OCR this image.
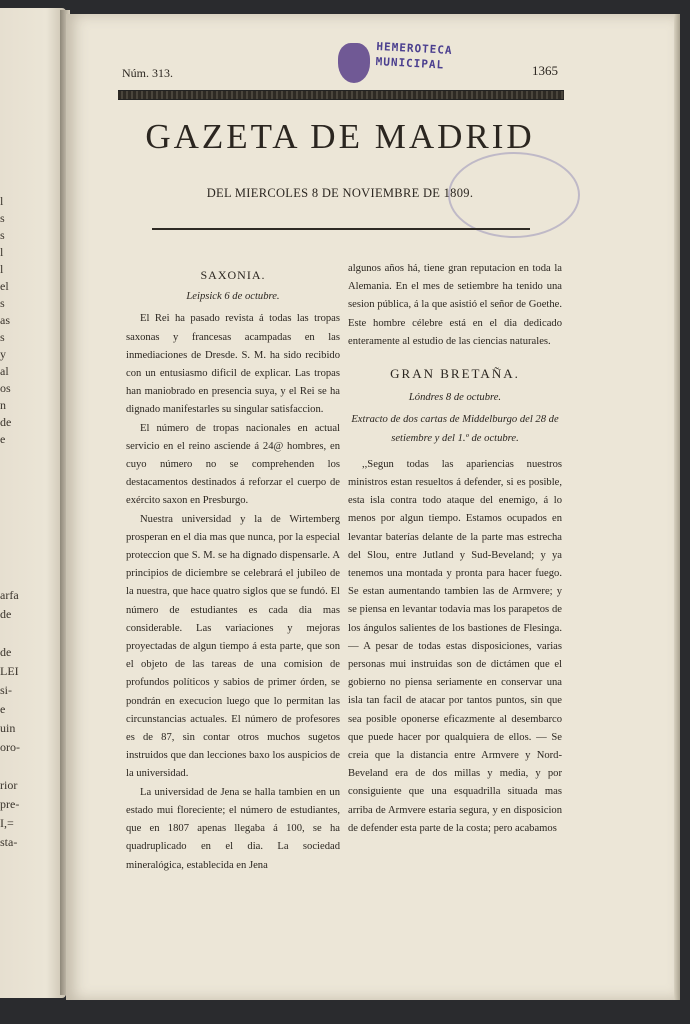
l
s
s
l
l
el
s
as
s
y
al
os
n
de
e
arfa
de
de
LEI
si-
e
uin
oro-
rior
pre-
I,=
sta-
Núm. 313.
HEMEROTECA
MUNICIPAL	1365
GAZETA DE MADRID
DEL MIERCOLES 8 DE NOVIEMBRE DE 1809.

SAXONIA.

Leipsick 6 de octubre.

El Rei ha pasado revista á todas las tropas saxonas y francesas acampadas en las inmediaciones de Dresde. S. M. ha sido recibido con un entusiasmo dificil de explicar. Las tropas han maniobrado en presencia suya, y el Rei se ha dignado manifestarles su singular satisfaccion.

El número de tropas nacionales en actual servicio en el reino asciende á 24@ hombres, en cuyo número no se comprehenden los destacamentos destinados á reforzar el cuerpo de exército saxon en Presburgo.

Nuestra universidad y la de Wirtemberg prosperan en el dia mas que nunca, por la especial proteccion que S. M. se ha dignado dispensarle. A principios de diciembre se celebrará el jubileo de la nuestra, que hace quatro siglos que se fundó. El número de estudiantes es cada dia mas considerable. Las variaciones y mejoras proyectadas de algun tiempo á esta parte, que son el objeto de las tareas de una comision de profundos políticos y sabios de primer órden, se pondrán en execucion luego que lo permitan las circunstancias actuales. El número de profesores es de 87, sin contar otros muchos sugetos instruidos que dan lecciones baxo los auspicios de la universidad.

La universidad de Jena se halla tambien en un estado mui floreciente; el número de estudiantes, que en 1807 apenas llegaba á 100, se ha quadruplicado en el dia. La sociedad mineralógica, establecida en Jena

algunos años há, tiene gran reputacion en toda la Alemania. En el mes de setiembre ha tenido una sesion pública, á la que asistió el señor de Goethe. Este hombre célebre está en el dia dedicado enteramente al estudio de las ciencias naturales.

GRAN BRETAÑA.

Lóndres 8 de octubre.

Extracto de dos cartas de Middelburgo del 28 de setiembre y del 1.º de octubre.

,,Segun todas las apariencias nuestros ministros estan resueltos á defender, si es posible, esta isla contra todo ataque del enemigo, á lo menos por algun tiempo. Estamos ocupados en levantar baterías delante de la parte mas estrecha del Slou, entre Jutland y Sud-Beveland; y ya tenemos una montada y pronta para hacer fuego. Se estan aumentando tambien las de Armvere; y se piensa en levantar todavia mas los parapetos de los ángulos salientes de los bastiones de Flesinga. — A pesar de todas estas disposiciones, varias personas mui instruidas son de dictámen que el gobierno no piensa seriamente en conservar una isla tan facil de atacar por tantos puntos, sin que sea posible oponerse eficazmente al desembarco que puede hacer por qualquiera de ellos. — Se creia que la distancia entre Armvere y Nord-Beveland era de dos millas y media, y por consiguiente que una esquadrilla situada mas arriba de Armvere estaria segura, y en disposicion de defender esta parte de la costa; pero acabamos
